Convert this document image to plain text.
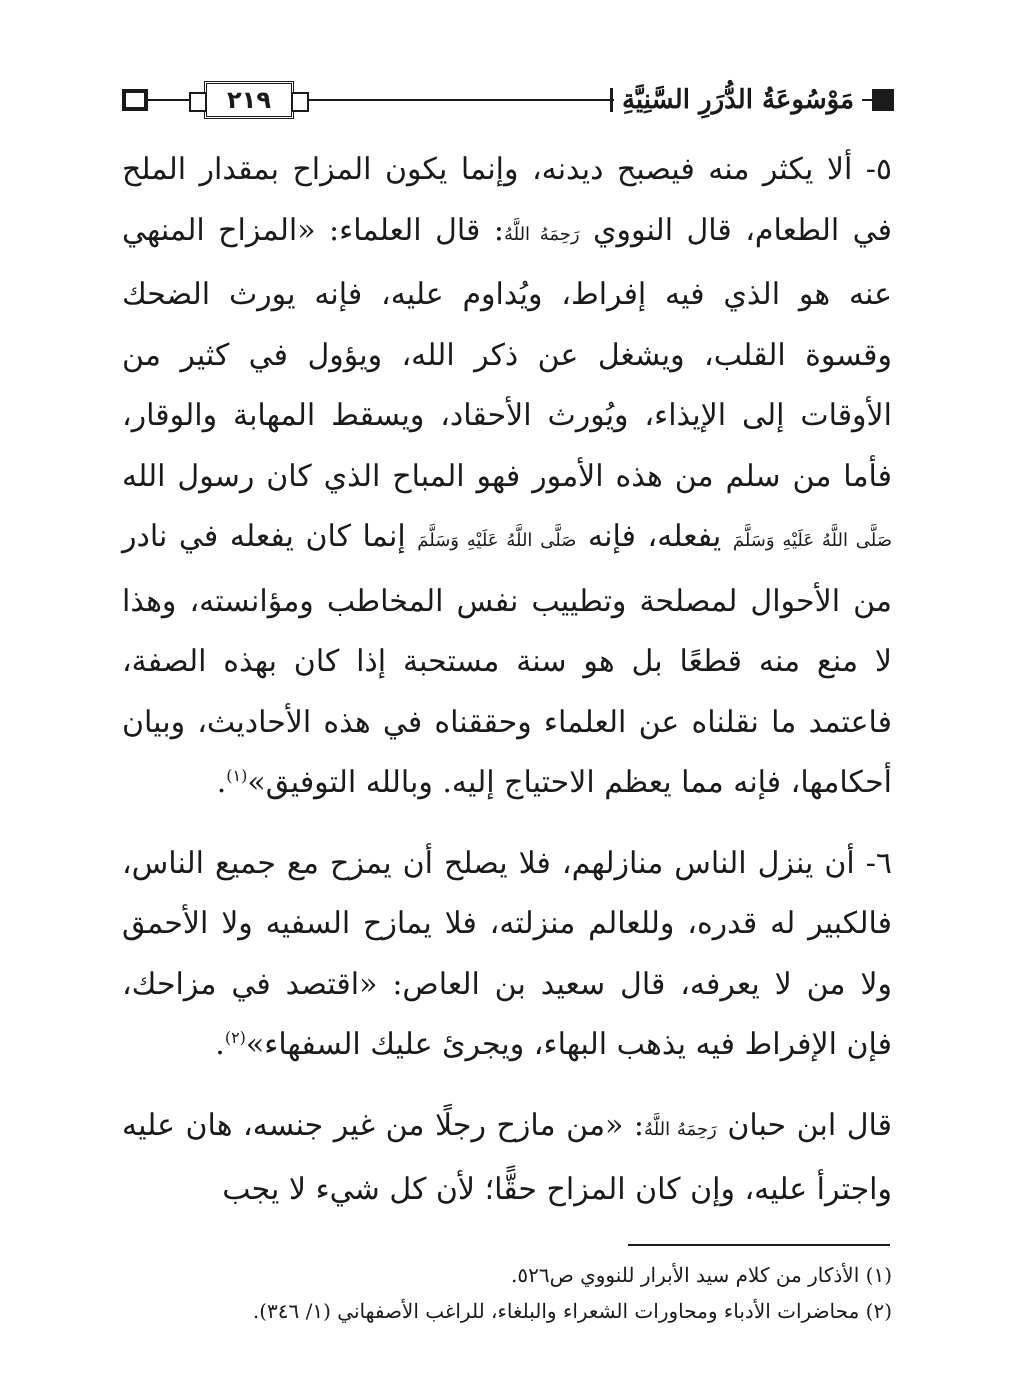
٢١٩	مَوْسُوعَةُ الدُّرَرِ السَّنِيَّةِ

٥- ألا يكثر منه فيصبح ديدنه، وإنما يكون المزاح بمقدار الملح في الطعام، قال النووي رَحِمَهُ اللَّهُ: قال العلماء: «المزاح المنهي عنه هو الذي فيه إفراط، ويُداوم عليه، فإنه يورث الضحك وقسوة القلب، ويشغل عن ذكر الله، ويؤول في كثير من الأوقات إلى الإيذاء، ويُورث الأحقاد، ويسقط المهابة والوقار، فأما من سلم من هذه الأمور فهو المباح الذي كان رسول الله صَلَّى اللَّهُ عَلَيْهِ وَسَلَّمَ يفعله، فإنه صَلَّى اللَّهُ عَلَيْهِ وَسَلَّمَ إنما كان يفعله في نادر من الأحوال لمصلحة وتطييب نفس المخاطب ومؤانسته، وهذا لا منع منه قطعًا بل هو سنة مستحبة إذا كان بهذه الصفة، فاعتمد ما نقلناه عن العلماء وحققناه في هذه الأحاديث، وبيان أحكامها، فإنه مما يعظم الاحتياج إليه. وبالله التوفيق»$^{(١)}$.

٦- أن ينزل الناس منازلهم، فلا يصلح أن يمزح مع جميع الناس، فالكبير له قدره، وللعالم منزلته، فلا يمازح السفيه ولا الأحمق ولا من لا يعرفه، قال سعيد بن العاص: «اقتصد في مزاحك، فإن الإفراط فيه يذهب البهاء، ويجرئ عليك السفهاء»$^{(٢)}$.

قال ابن حبان رَحِمَهُ اللَّهُ: «من مازح رجلًا من غير جنسه، هان عليه واجترأ عليه، وإن كان المزاح حقًّا؛ لأن كل شيء لا يجب

(١) الأذكار من كلام سيد الأبرار للنووي ص٥٢٦.

(٢) محاضرات الأدباء ومحاورات الشعراء والبلغاء، للراغب الأصفهاني (١/ ٣٤٦).
